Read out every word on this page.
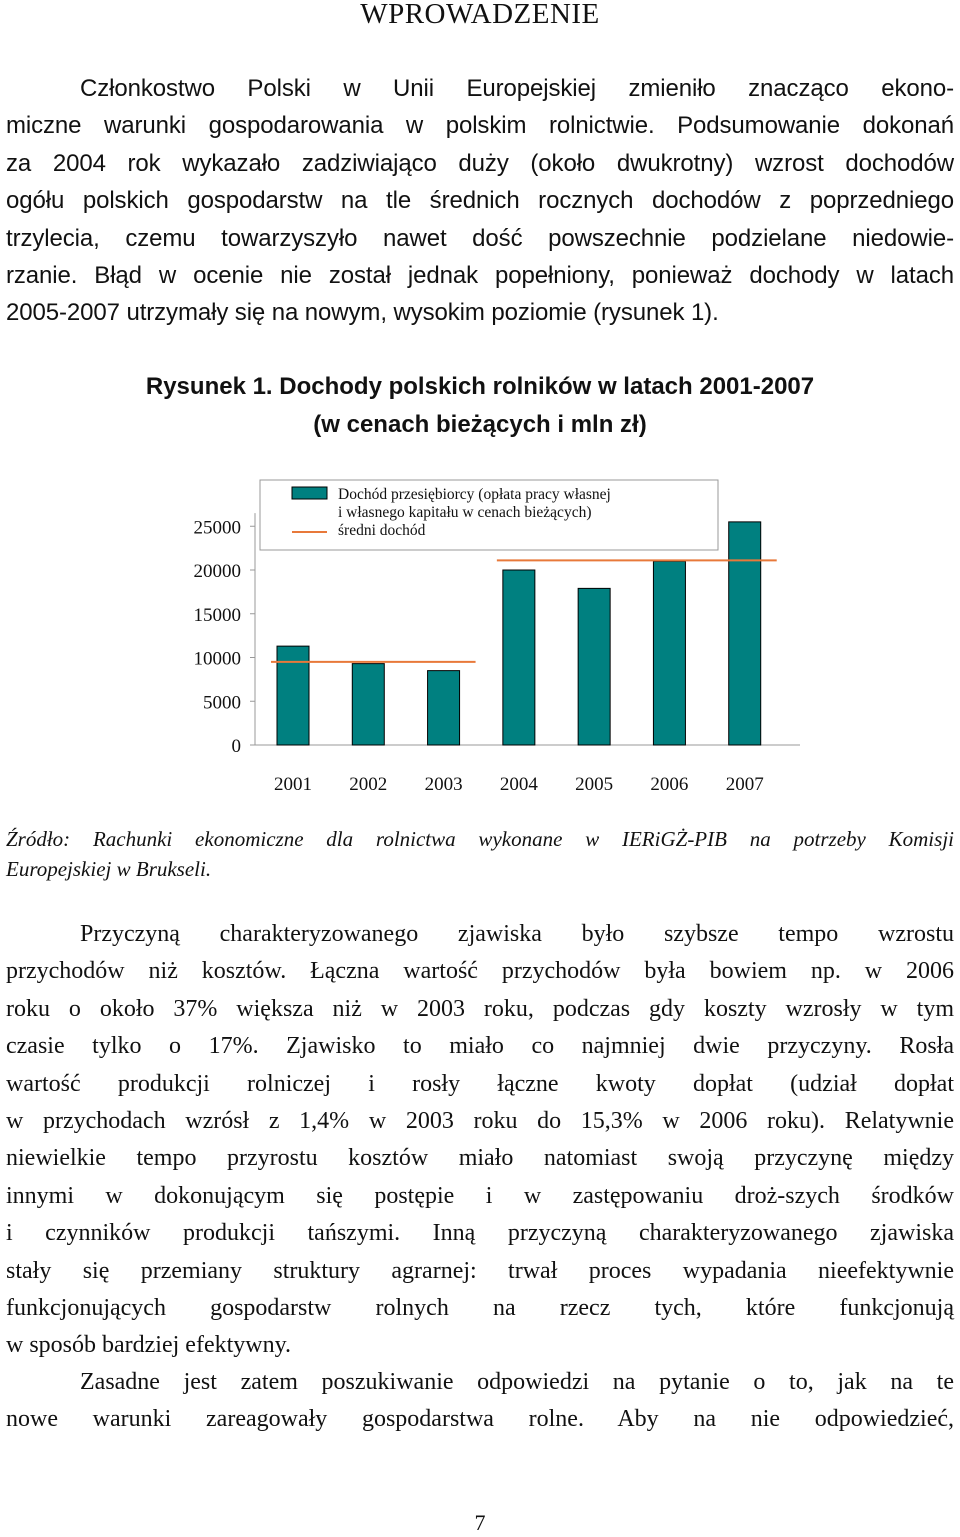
WPROWADZENIE
Członkostwo Polski w Unii Europejskiej zmieniło znacząco ekono-
miczne warunki gospodarowania w polskim rolnictwie. Podsumowanie dokonań
za 2004 rok wykazało zadziwiająco duży (około dwukrotny) wzrost dochodów
ogółu polskich gospodarstw na tle średnich rocznych dochodów z poprzedniego
trzylecia, czemu towarzyszyło nawet dość powszechnie podzielane niedowie-
rzanie. Błąd w ocenie nie został jednak popełniony, ponieważ dochody w latach
2005-2007 utrzymały się na nowym, wysokim poziomie (rysunek 1).
Rysunek 1. Dochody polskich rolników w latach 2001-2007
(w cenach bieżących i mln zł)
0
5000
10000
15000
20000
25000
2001 2002 2003 2004 2005 2006 2007
Dochód przesiębiorcy (opłata pracy własnej
i własnego kapitału w cenach bieżących)
średni dochód
Źródło: Rachunki ekonomiczne dla rolnictwa wykonane w IERiGŻ-PIB na potrzeby Komisji
Europejskiej w Brukseli.
Przyczyną charakteryzowanego zjawiska było szybsze tempo wzrostu
przychodów niż kosztów. Łączna wartość przychodów była bowiem np. w 2006
roku o około 37% większa niż w 2003 roku, podczas gdy koszty wzrosły w tym
czasie tylko o 17%. Zjawisko to miało co najmniej dwie przyczyny. Rosła
wartość produkcji rolniczej i rosły łączne kwoty dopłat (udział dopłat
w przychodach wzrósł z 1,4% w 2003 roku do 15,3% w 2006 roku). Relatywnie
niewielkie tempo przyrostu kosztów miało natomiast swoją przyczynę między
innymi w dokonującym się postępie i w zastępowaniu droż-szych środków
i czynników produkcji tańszymi. Inną przyczyną charakteryzowanego zjawiska
stały się przemiany struktury agrarnej: trwał proces wypadania nieefektywnie
funkcjonujących gospodarstw rolnych na rzecz tych, które funkcjonują
w sposób bardziej efektywny.
Zasadne jest zatem poszukiwanie odpowiedzi na pytanie o to, jak na te
nowe warunki zareagowały gospodarstwa rolne. Aby na nie odpowiedzieć,
7
